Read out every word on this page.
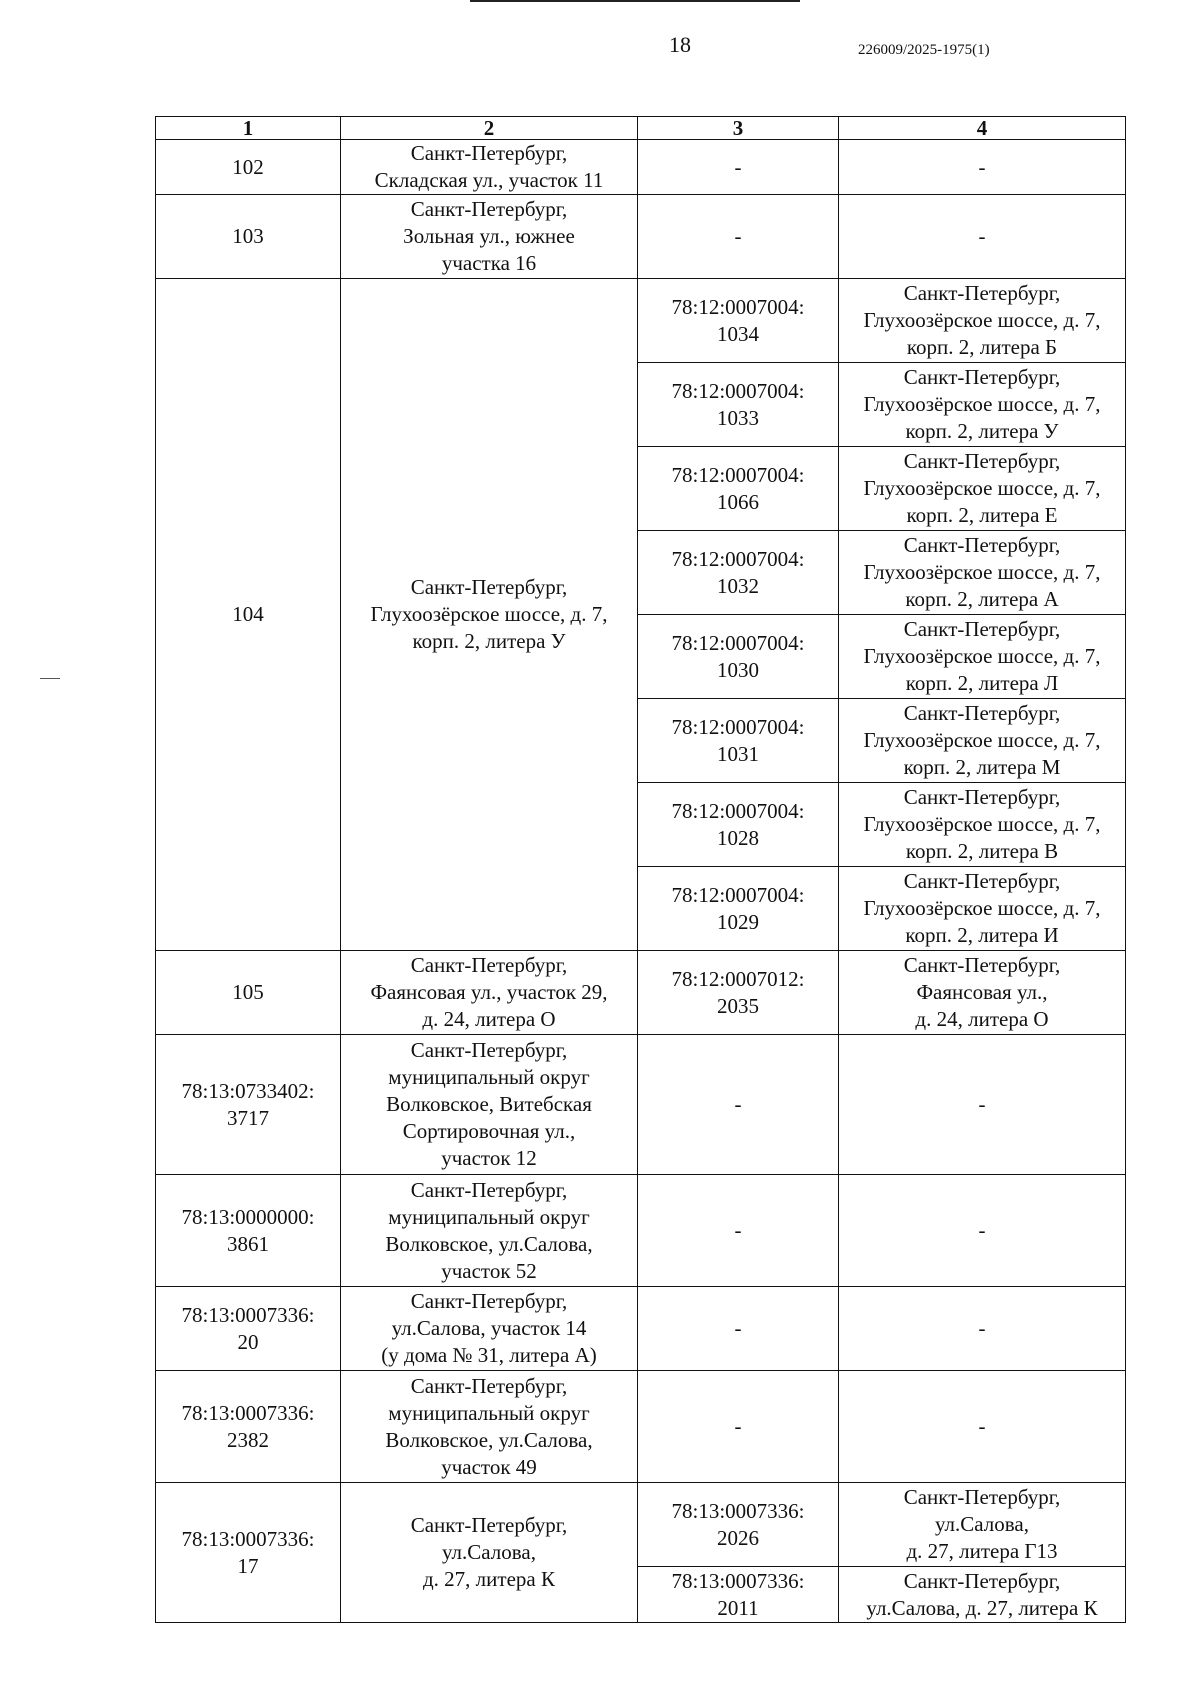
18	226009/2025-1975(1)
1	2	3	4

102	Санкт-Петербург,
Складская ул., участок 11	-	-

103	Санкт-Петербург,
Зольная ул., южнее
участка 16	-	-

104	Санкт-Петербург,
Глухоозёрское шоссе, д. 7,
корп. 2, литера У	78:12:0007004:
1034	Санкт-Петербург,
Глухоозёрское шоссе, д. 7,
корп. 2, литера Б

		78:12:0007004:
1033	Санкт-Петербург,
Глухоозёрское шоссе, д. 7,
корп. 2, литера У

		78:12:0007004:
1066	Санкт-Петербург,
Глухоозёрское шоссе, д. 7,
корп. 2, литера Е

		78:12:0007004:
1032	Санкт-Петербург,
Глухоозёрское шоссе, д. 7,
корп. 2, литера А

		78:12:0007004:
1030	Санкт-Петербург,
Глухоозёрское шоссе, д. 7,
корп. 2, литера Л

		78:12:0007004:
1031	Санкт-Петербург,
Глухоозёрское шоссе, д. 7,
корп. 2, литера М

		78:12:0007004:
1028	Санкт-Петербург,
Глухоозёрское шоссе, д. 7,
корп. 2, литера В

		78:12:0007004:
1029	Санкт-Петербург,
Глухоозёрское шоссе, д. 7,
корп. 2, литера И

105	Санкт-Петербург,
Фаянсовая ул., участок 29,
д. 24, литера О	78:12:0007012:
2035	Санкт-Петербург,
Фаянсовая ул.,
д. 24, литера О

78:13:0733402:
3717	Санкт-Петербург,
муниципальный округ
Волковское, Витебская
Сортировочная ул.,
участок 12	-	-

78:13:0000000:
3861	Санкт-Петербург,
муниципальный округ
Волковское, ул.Салова,
участок 52	-	-

78:13:0007336:
20	Санкт-Петербург,
ул.Салова, участок 14
(у дома № 31, литера А)	-	-

78:13:0007336:
2382	Санкт-Петербург,
муниципальный округ
Волковское, ул.Салова,
участок 49	-	-

78:13:0007336:
17	Санкт-Петербург,
ул.Салова,
д. 27, литера К	78:13:0007336:
2026	Санкт-Петербург,
ул.Салова,
д. 27, литера Г13

		78:13:0007336:
2011	Санкт-Петербург,
ул.Салова, д. 27, литера К
